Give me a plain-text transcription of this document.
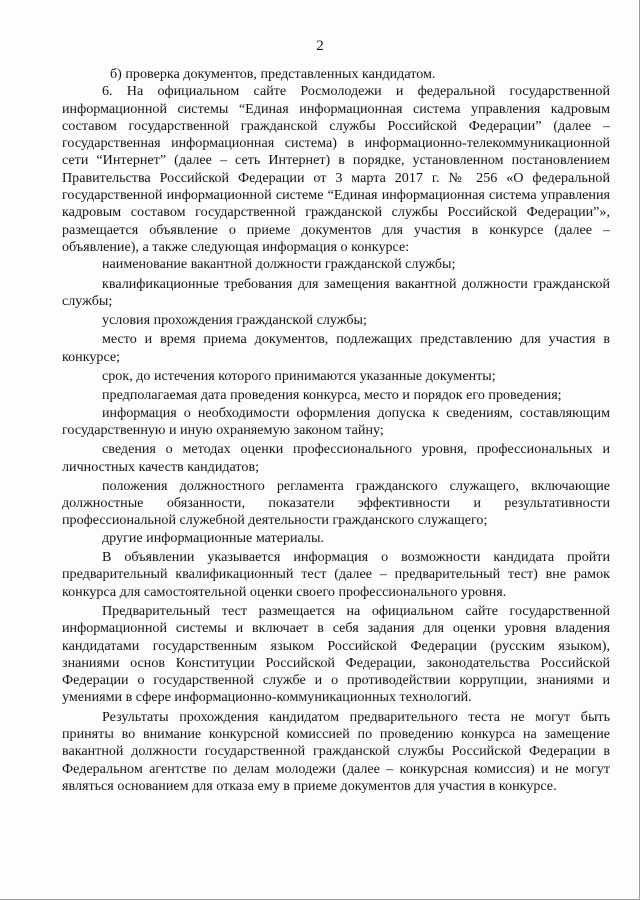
2

б) проверка документов, представленных кандидатом.

6. На официальном сайте Росмолодежи и федеральной государственной информационной системы “Единая информационная система управления кадровым составом государственной гражданской службы Российской Федерации” (далее – государственная информационная система) в информационно-телекоммуникационной сети “Интернет” (далее – сеть Интернет) в порядке, установленном постановлением Правительства Российской Федерации от 3 марта 2017 г. № 256 «О федеральной государственной информационной системе “Единая информационная система управления кадровым составом государственной гражданской службы Российской Федерации”», размещается объявление о приеме документов для участия в конкурсе (далее – объявление), а также следующая информация о конкурсе:

наименование вакантной должности гражданской службы;

квалификационные требования для замещения вакантной должности гражданской службы;

условия прохождения гражданской службы;

место и время приема документов, подлежащих представлению для участия в конкурсе;

срок, до истечения которого принимаются указанные документы;

предполагаемая дата проведения конкурса, место и порядок его проведения;

информация о необходимости оформления допуска к сведениям, составляющим государственную и иную охраняемую законом тайну;

сведения о методах оценки профессионального уровня, профессиональных и личностных качеств кандидатов;

положения должностного регламента гражданского служащего, включающие должностные обязанности, показатели эффективности и результативности профессиональной служебной деятельности гражданского служащего;

другие информационные материалы.

В объявлении указывается информация о возможности кандидата пройти предварительный квалификационный тест (далее – предварительный тест) вне рамок конкурса для самостоятельной оценки своего профессионального уровня.

Предварительный тест размещается на официальном сайте государственной информационной системы и включает в себя задания для оценки уровня владения кандидатами государственным языком Российской Федерации (русским языком), знаниями основ Конституции Российской Федерации, законодательства Российской Федерации о государственной службе и о противодействии коррупции, знаниями и умениями в сфере информационно-коммуникационных технологий.

Результаты прохождения кандидатом предварительного теста не могут быть приняты во внимание конкурсной комиссией по проведению конкурса на замещение вакантной должности государственной гражданской службы Российской Федерации в Федеральном агентстве по делам молодежи (далее – конкурсная комиссия) и не могут являться основанием для отказа ему в приеме документов для участия в конкурсе.
